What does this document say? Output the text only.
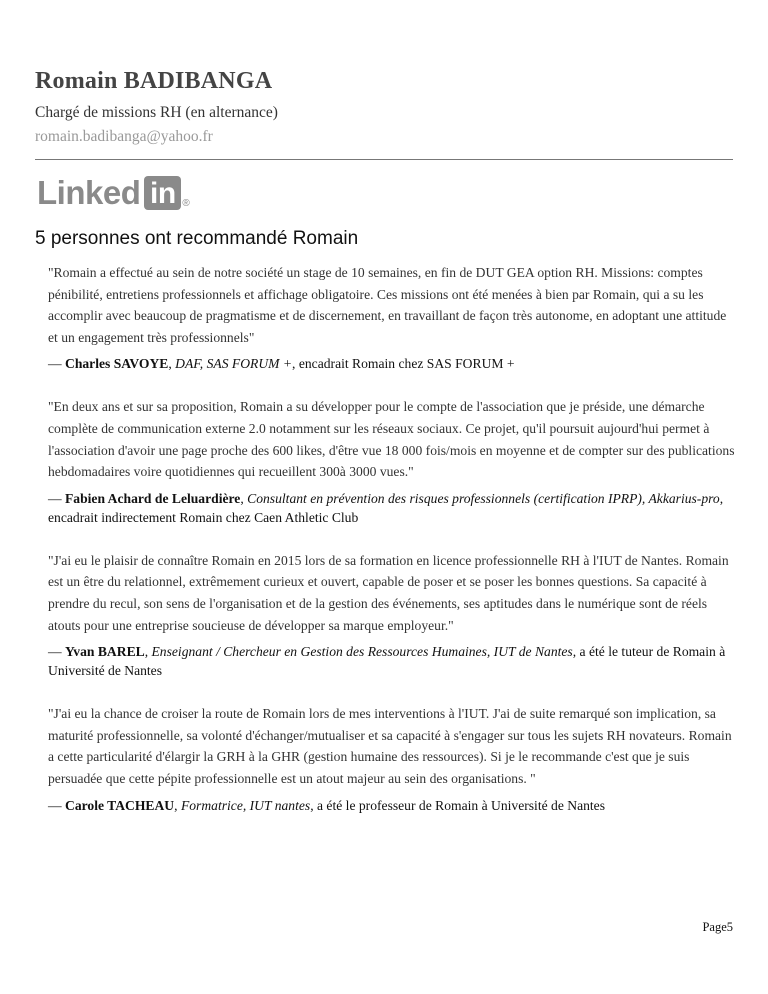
Romain BADIBANGA
Chargé de missions RH (en alternance)
romain.badibanga@yahoo.fr
Linked in ®
5 personnes ont recommandé Romain

"Romain a effectué au sein de notre société un stage de 10 semaines, en fin de DUT GEA option RH. Missions: comptes pénibilité, entretiens professionnels et affichage obligatoire. Ces missions ont été menées à bien par Romain, qui a su les accomplir avec beaucoup de pragmatisme et de discernement, en travaillant de façon très autonome, en adoptant une attitude et un engagement très professionnels"

— Charles SAVOYE, DAF, SAS FORUM +, encadrait Romain chez SAS FORUM +

"En deux ans et sur sa proposition, Romain a su développer pour le compte de l'association que je préside, une démarche complète de communication externe 2.0 notamment sur les réseaux sociaux. Ce projet, qu'il poursuit aujourd'hui permet à l'association d'avoir une page proche des 600 likes, d'être vue 18 000 fois/mois en moyenne et de compter sur des publications hebdomadaires voire quotidiennes qui recueillent 300à 3000 vues."

— Fabien Achard de Leluardière, Consultant en prévention des risques professionnels (certification IPRP), Akkarius-pro, encadrait indirectement Romain chez Caen Athletic Club

"J'ai eu le plaisir de connaître Romain en 2015 lors de sa formation en licence professionnelle RH à l'IUT de Nantes. Romain est un être du relationnel, extrêmement curieux et ouvert, capable de poser et se poser les bonnes questions. Sa capacité à prendre du recul, son sens de l'organisation et de la gestion des événements, ses aptitudes dans le numérique sont de réels atouts pour une entreprise soucieuse de développer sa marque employeur."

— Yvan BAREL, Enseignant / Chercheur en Gestion des Ressources Humaines, IUT de Nantes, a été le tuteur de Romain à Université de Nantes

"J'ai eu la chance de croiser la route de Romain lors de mes interventions à l'IUT. J'ai de suite remarqué son implication, sa maturité professionnelle, sa volonté d'échanger/mutualiser et sa capacité à s'engager sur tous les sujets RH novateurs. Romain a cette particularité d'élargir la GRH à la GHR (gestion humaine des ressources). Si je le recommande c'est que je suis persuadée que cette pépite professionnelle est un atout majeur au sein des organisations. "

— Carole TACHEAU, Formatrice, IUT nantes, a été le professeur de Romain à Université de Nantes

Page5
